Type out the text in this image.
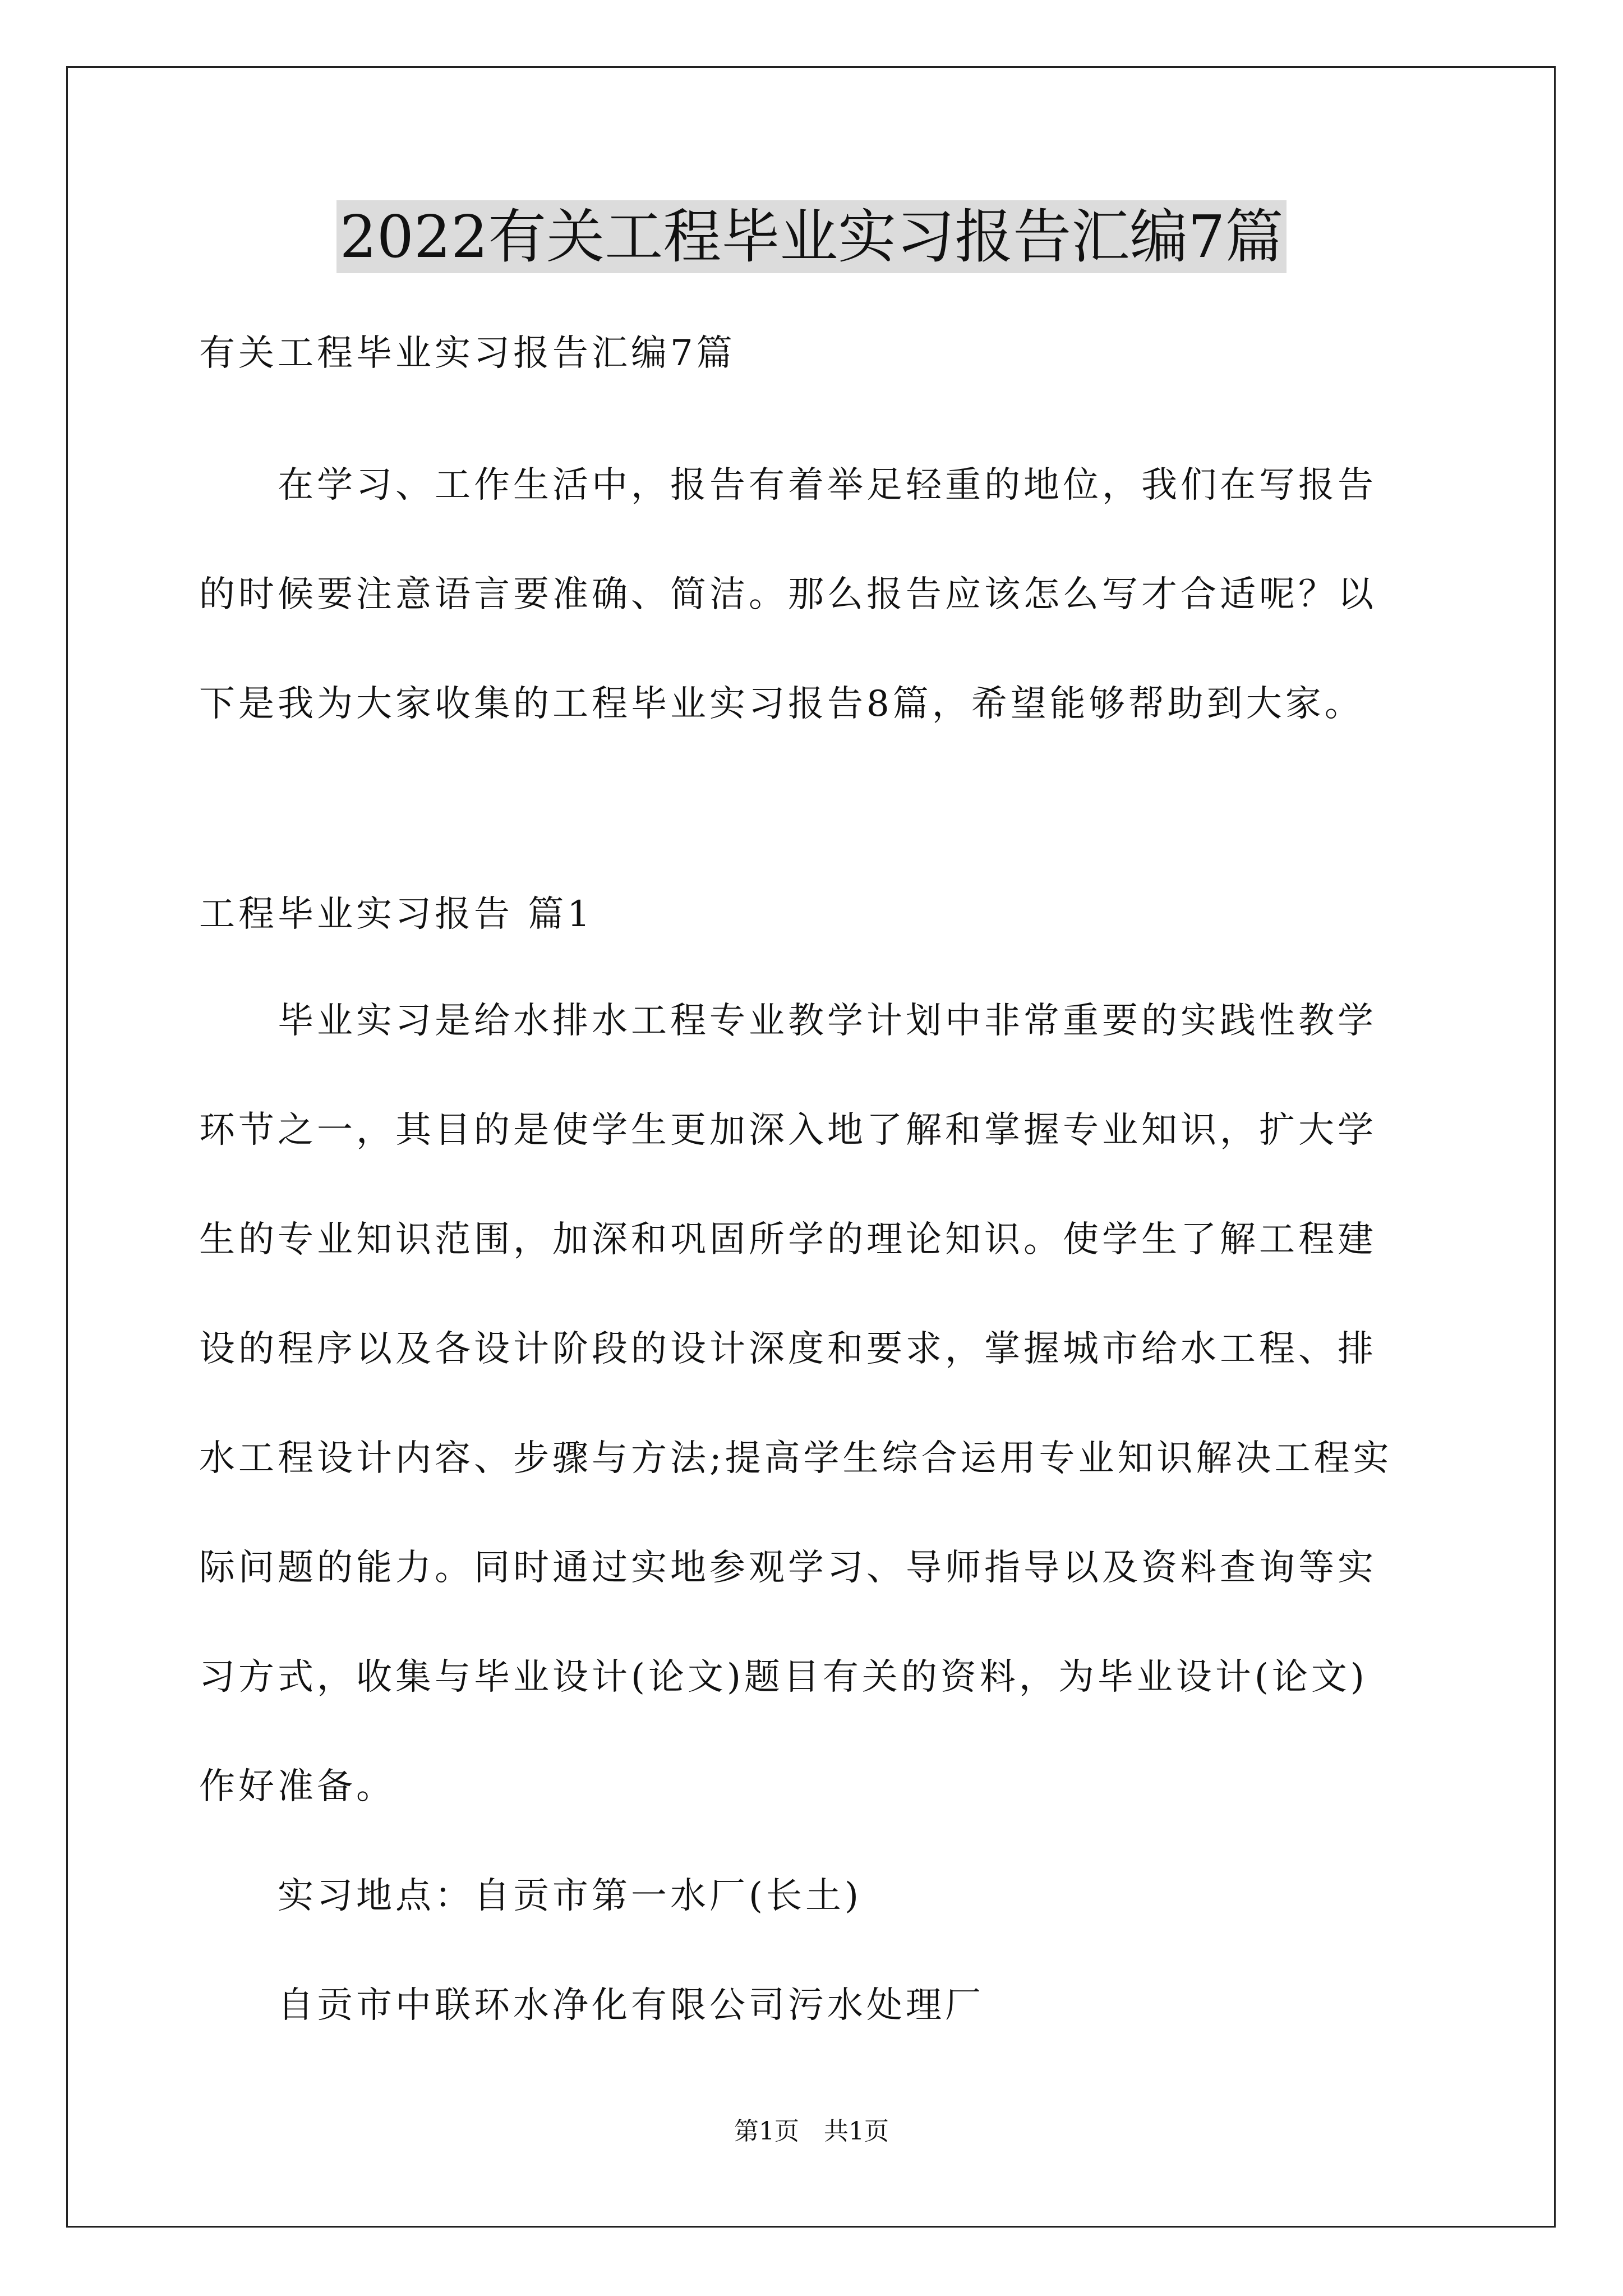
2022有关工程毕业实习报告汇编7篇
有关工程毕业实习报告汇编7篇
　　在学习、工作生活中，报告有着举足轻重的地位，我们在写报告
的时候要注意语言要准确、简洁。那么报告应该怎么写才合适呢？以
下是我为大家收集的工程毕业实习报告8篇，希望能够帮助到大家。
工程毕业实习报告 篇1
　　毕业实习是给水排水工程专业教学计划中非常重要的实践性教学
环节之一，其目的是使学生更加深入地了解和掌握专业知识，扩大学
生的专业知识范围，加深和巩固所学的理论知识。使学生了解工程建
设的程序以及各设计阶段的设计深度和要求，掌握城市给水工程、排
水工程设计内容、步骤与方法;提高学生综合运用专业知识解决工程实
际问题的能力。同时通过实地参观学习、导师指导以及资料查询等实
习方式，收集与毕业设计(论文)题目有关的资料，为毕业设计(论文)
作好准备。
　　实习地点：自贡市第一水厂(长土)
　　自贡市中联环水净化有限公司污水处理厂
第1页　共1页
